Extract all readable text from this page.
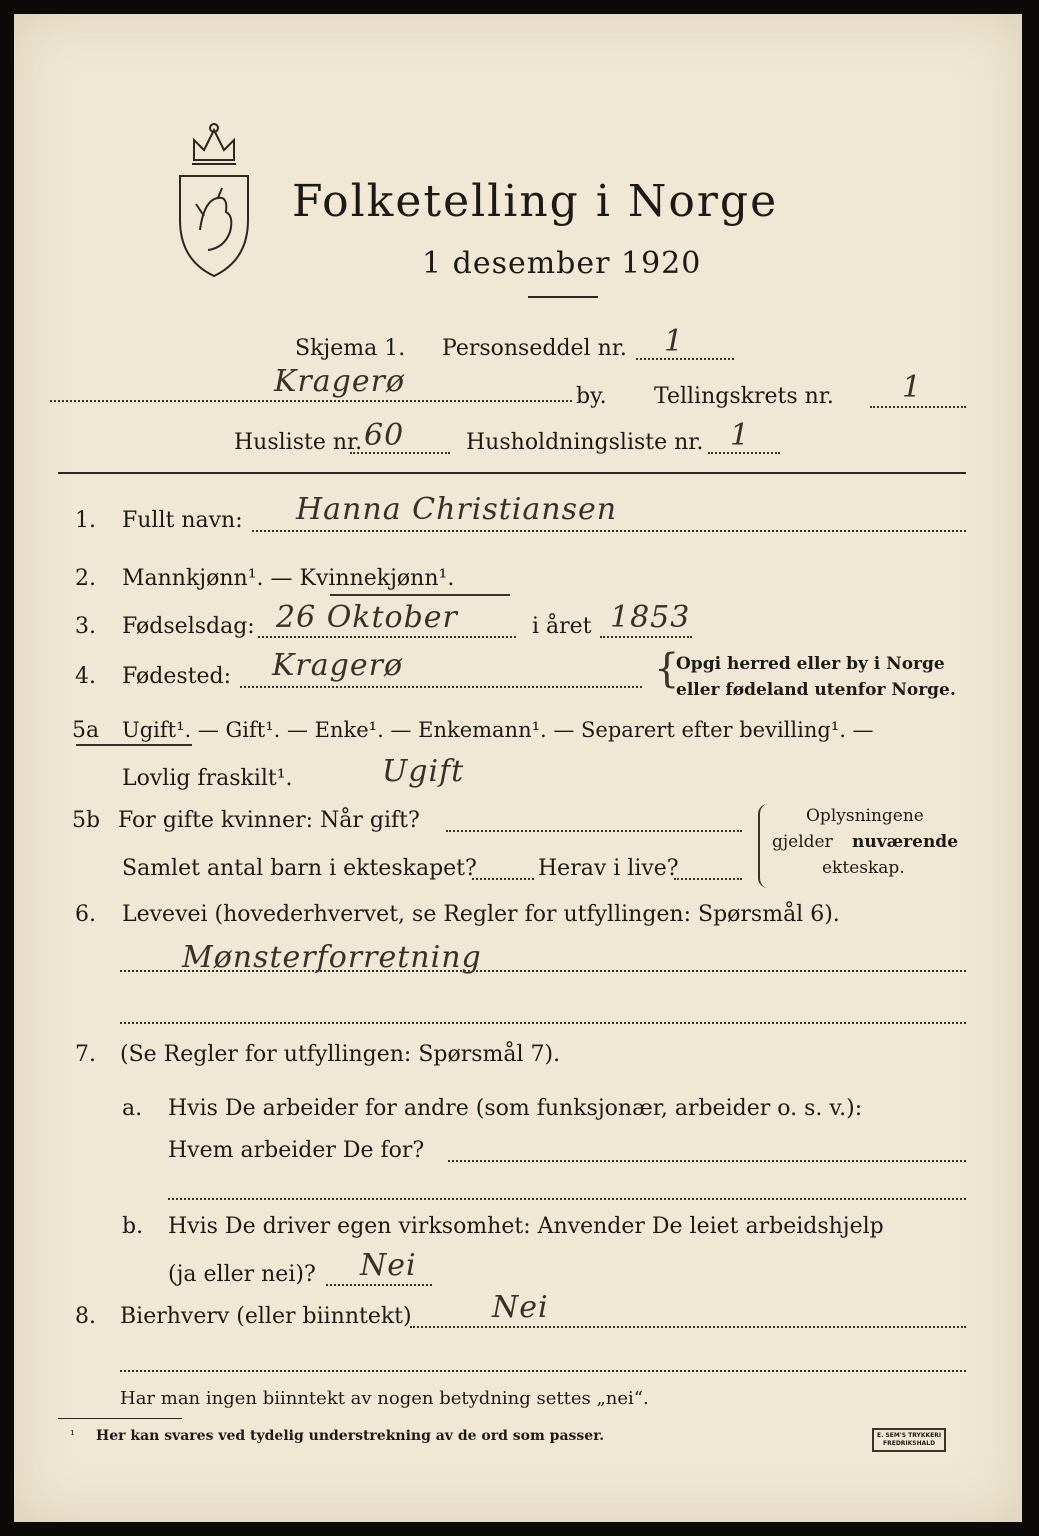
Folketelling i Norge
1 desember 1920
Skjema 1. Personseddel nr. 1
Kragerø	by. Tellingskrets nr. 1
Husliste nr. 60	Husholdningsliste nr. 1
1. Fullt navn: Hanna Christiansen
2. Mannkjønn¹. — Kvinnekjønn¹.
3. Fødselsdag: 26 Oktober	i året 1853
4. Fødested: Kragerø	{
Opgi herred eller by i Norge
eller fødeland utenfor Norge.
5a Ugift¹. — Gift¹. — Enke¹. — Enkemann¹. — Separert efter bevilling¹. —
Lovlig fraskilt¹.	Ugift
5b For gifte kvinner: Når gift?
Samlet antal barn i ekteskapet?	Herav i live?
Oplysningene
gjelder nuværende
ekteskap.
6. Levevei (hovederhvervet, se Regler for utfyllingen: Spørsmål 6).
Mønsterforretning
7. (Se Regler for utfyllingen: Spørsmål 7).
a. Hvis De arbeider for andre (som funksjonær, arbeider o. s. v.):
Hvem arbeider De for?
b. Hvis De driver egen virksomhet: Anvender De leiet arbeidshjelp
(ja eller nei)? Nei
8. Bierhverv (eller biinntekt)	Nei
Har man ingen biinntekt av nogen betydning settes „nei“.
¹ Her kan svares ved tydelig understrekning av de ord som passer.	E. SEM'S TRYKKERI
FREDRIKSHALD
